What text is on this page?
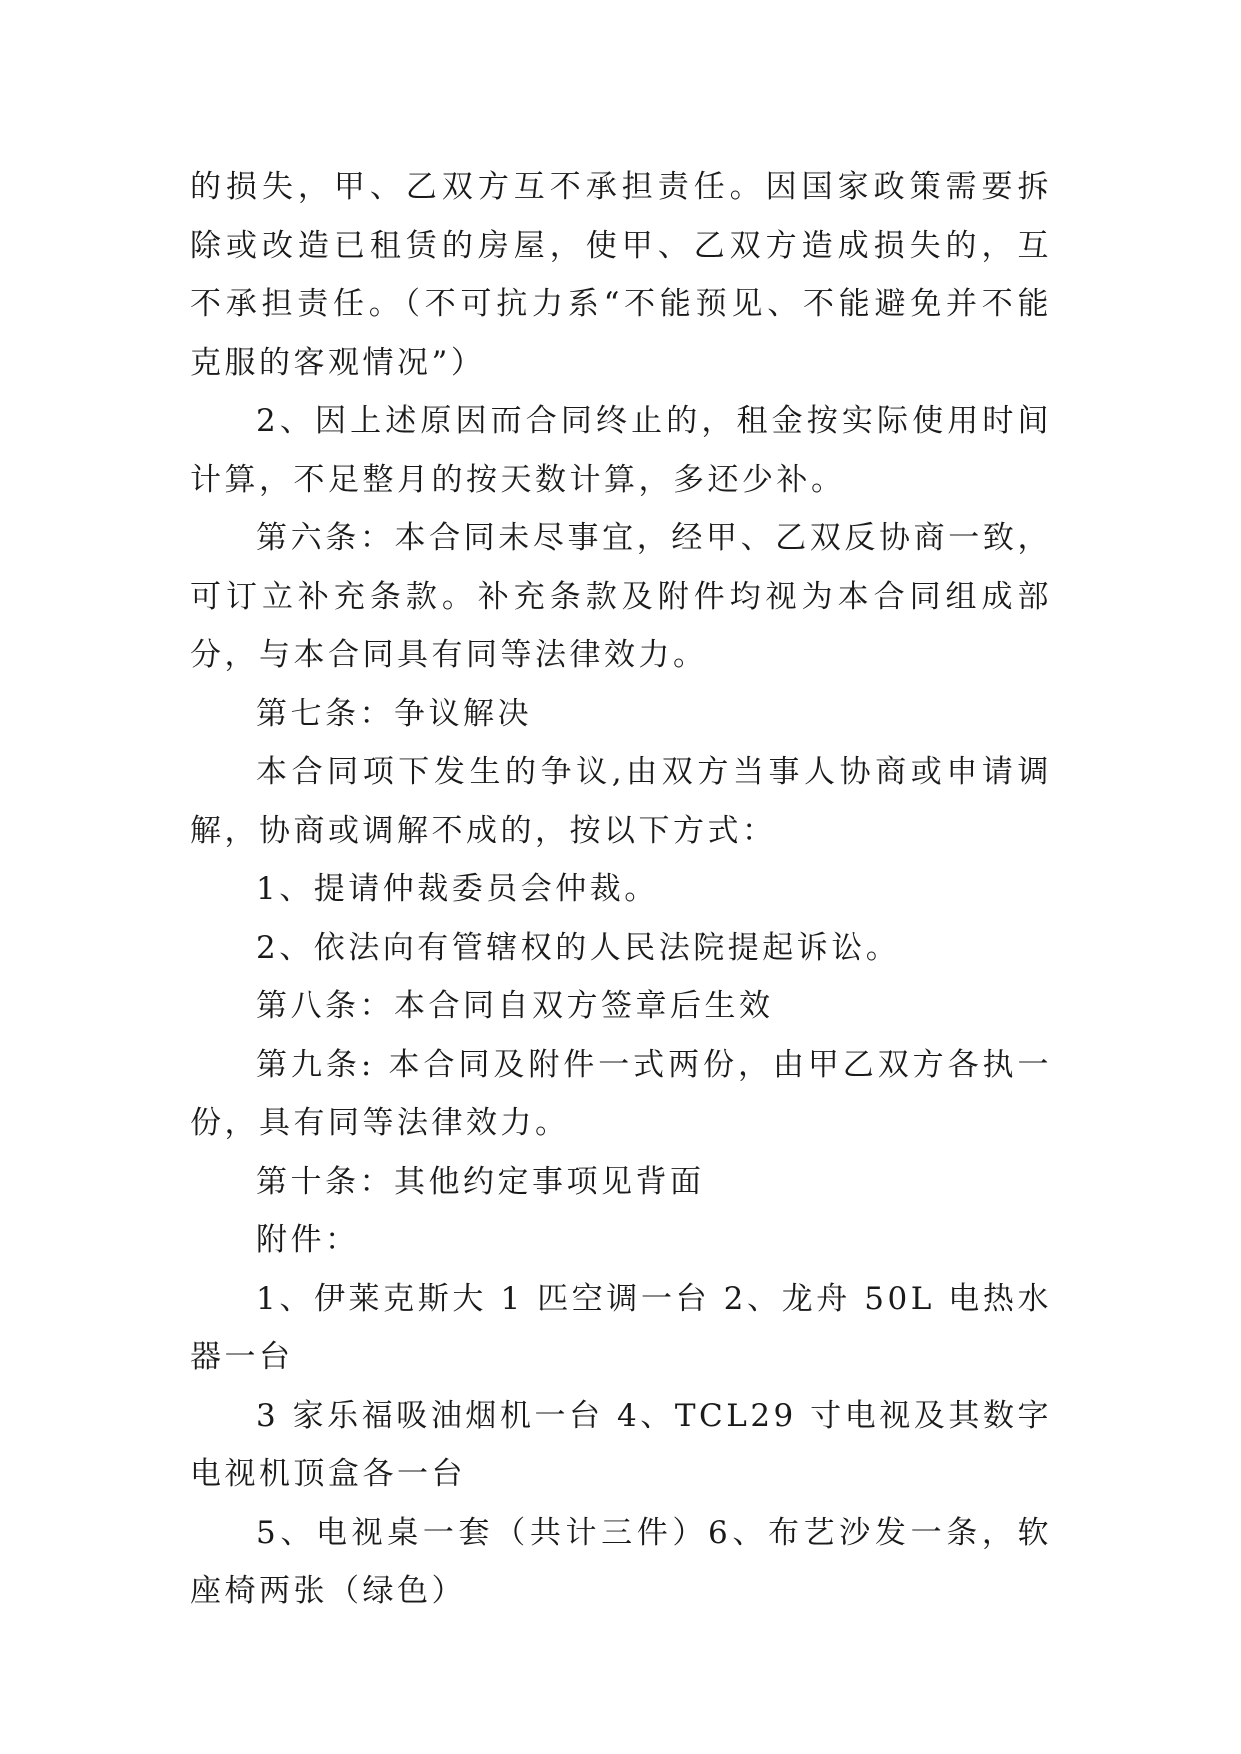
的损失，甲、乙双方互不承担责任。因国家政策需要拆除或改造已租赁的房屋，使甲、乙双方造成损失的，互不承担责任。（不可抗力系“不能预见、不能避免并不能克服的客观情况”）

2、因上述原因而合同终止的，租金按实际使用时间计算，不足整月的按天数计算，多还少补。

第六条：本合同未尽事宜，经甲、乙双反协商一致，可订立补充条款。补充条款及附件均视为本合同组成部分，与本合同具有同等法律效力。

第七条：争议解决

本合同项下发生的争议,由双方当事人协商或申请调解，协商或调解不成的，按以下方式：

1、提请仲裁委员会仲裁。

2、依法向有管辖权的人民法院提起诉讼。

第八条：本合同自双方签章后生效

第九条: 本合同及附件一式两份，由甲乙双方各执一份，具有同等法律效力。

第十条：其他约定事项见背面

附件：

1、伊莱克斯大 1 匹空调一台 2、龙舟 50L 电热水器一台

3 家乐福吸油烟机一台 4、TCL29 寸电视及其数字电视机顶盒各一台

5、电视桌一套（共计三件）6、布艺沙发一条，软座椅两张（绿色）
